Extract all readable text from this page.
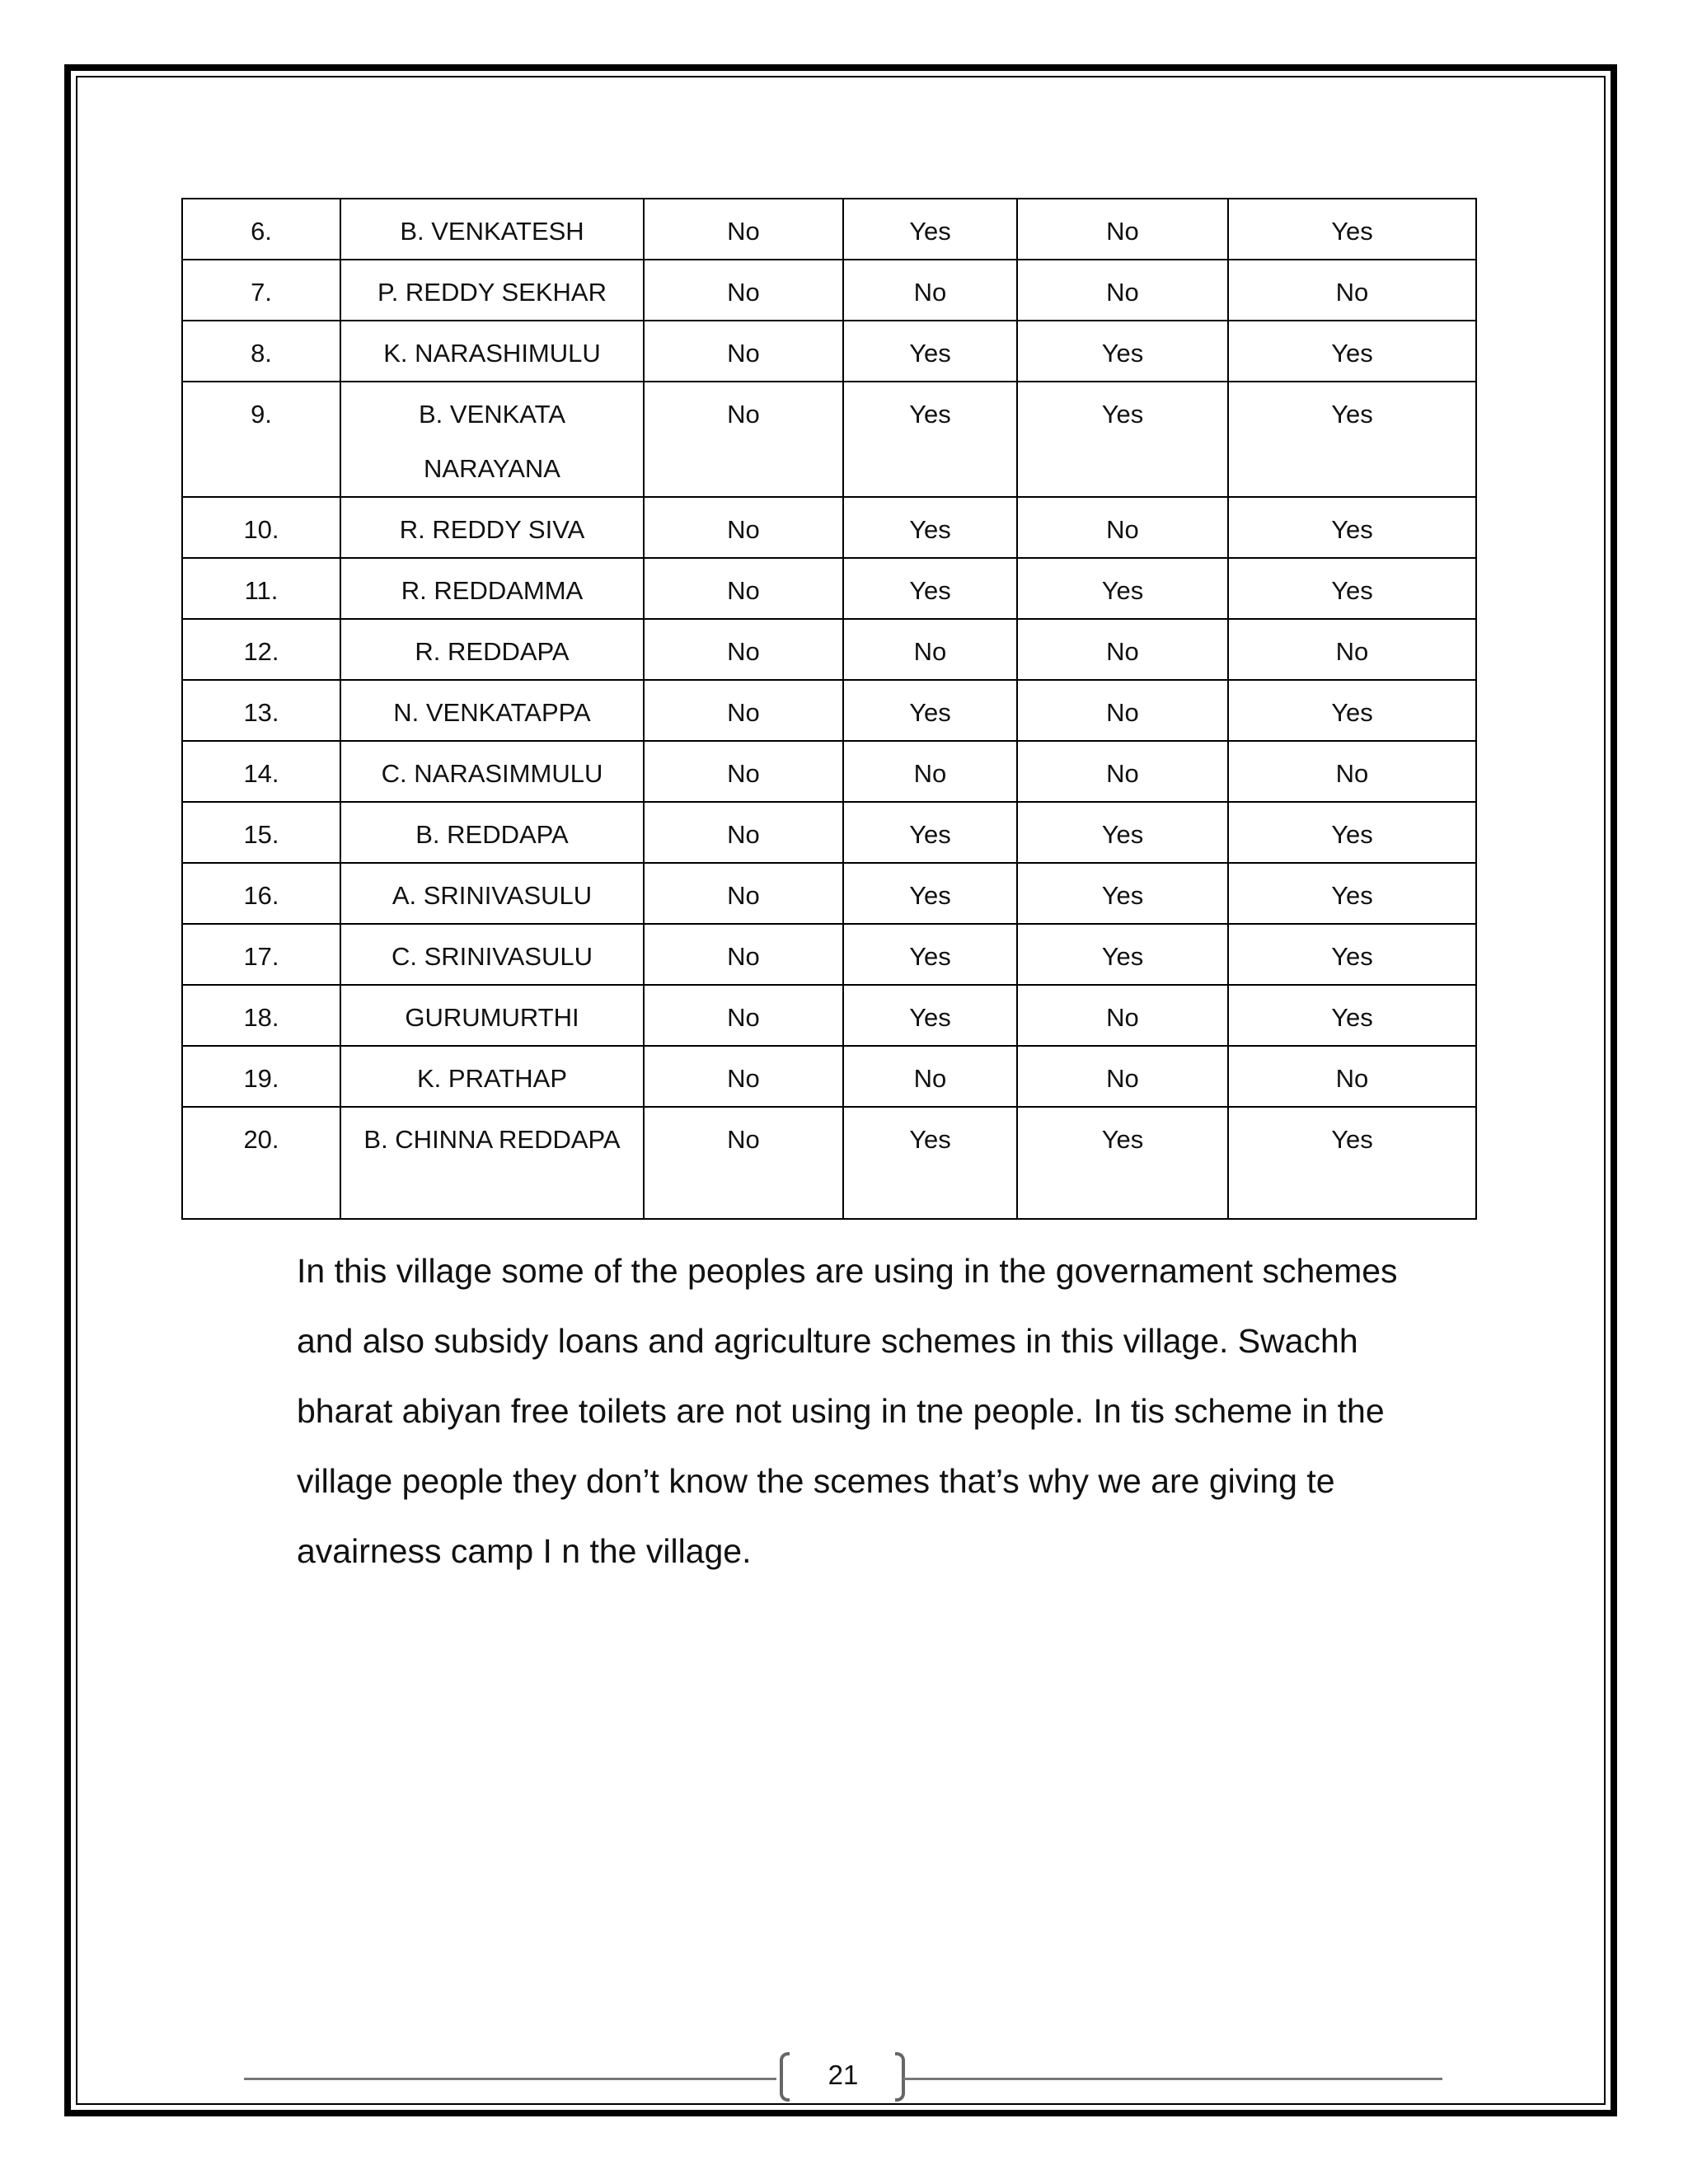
6.	B. VENKATESH	No	Yes	No	Yes
7.	P. REDDY SEKHAR	No	No	No	No
8.	K. NARASHIMULU	No	Yes	Yes	Yes
9.	B. VENKATA NARAYANA	No	Yes	Yes	Yes
10.	R. REDDY SIVA	No	Yes	No	Yes
11.	R. REDDAMMA	No	Yes	Yes	Yes
12.	R. REDDAPA	No	No	No	No
13.	N. VENKATAPPA	No	Yes	No	Yes
14.	C. NARASIMMULU	No	No	No	No
15.	B. REDDAPA	No	Yes	Yes	Yes
16.	A. SRINIVASULU	No	Yes	Yes	Yes
17.	C. SRINIVASULU	No	Yes	Yes	Yes
18.	GURUMURTHI	No	Yes	No	Yes
19.	K. PRATHAP	No	No	No	No
20.	B. CHINNA REDDAPA	No	Yes	Yes	Yes

In this village some of the peoples are using in the governament schemes and also subsidy loans and agriculture schemes in this village. Swachh bharat abiyan free toilets are not using in tne people. In tis scheme in the village people they don’t know the scemes that’s why we are giving te avairness camp I n the village.

21
